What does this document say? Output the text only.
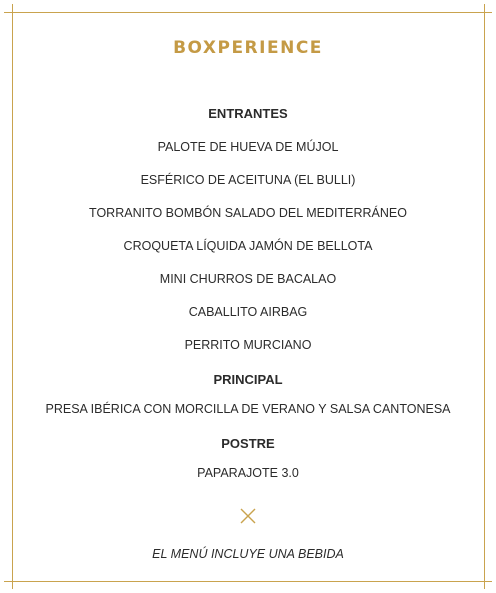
BOXPERIENCE
ENTRANTES
PALOTE DE HUEVA DE MÚJOL
ESFÉRICO DE ACEITUNA (EL BULLI)
TORRANITO BOMBÓN SALADO DEL MEDITERRÁNEO
CROQUETA LÍQUIDA JAMÓN DE BELLOTA
MINI CHURROS DE BACALAO
CABALLITO AIRBAG
PERRITO MURCIANO
PRINCIPAL
PRESA IBÉRICA CON MORCILLA DE VERANO Y SALSA CANTONESA
POSTRE
PAPARAJOTE 3.0
EL MENÚ INCLUYE UNA BEBIDA
